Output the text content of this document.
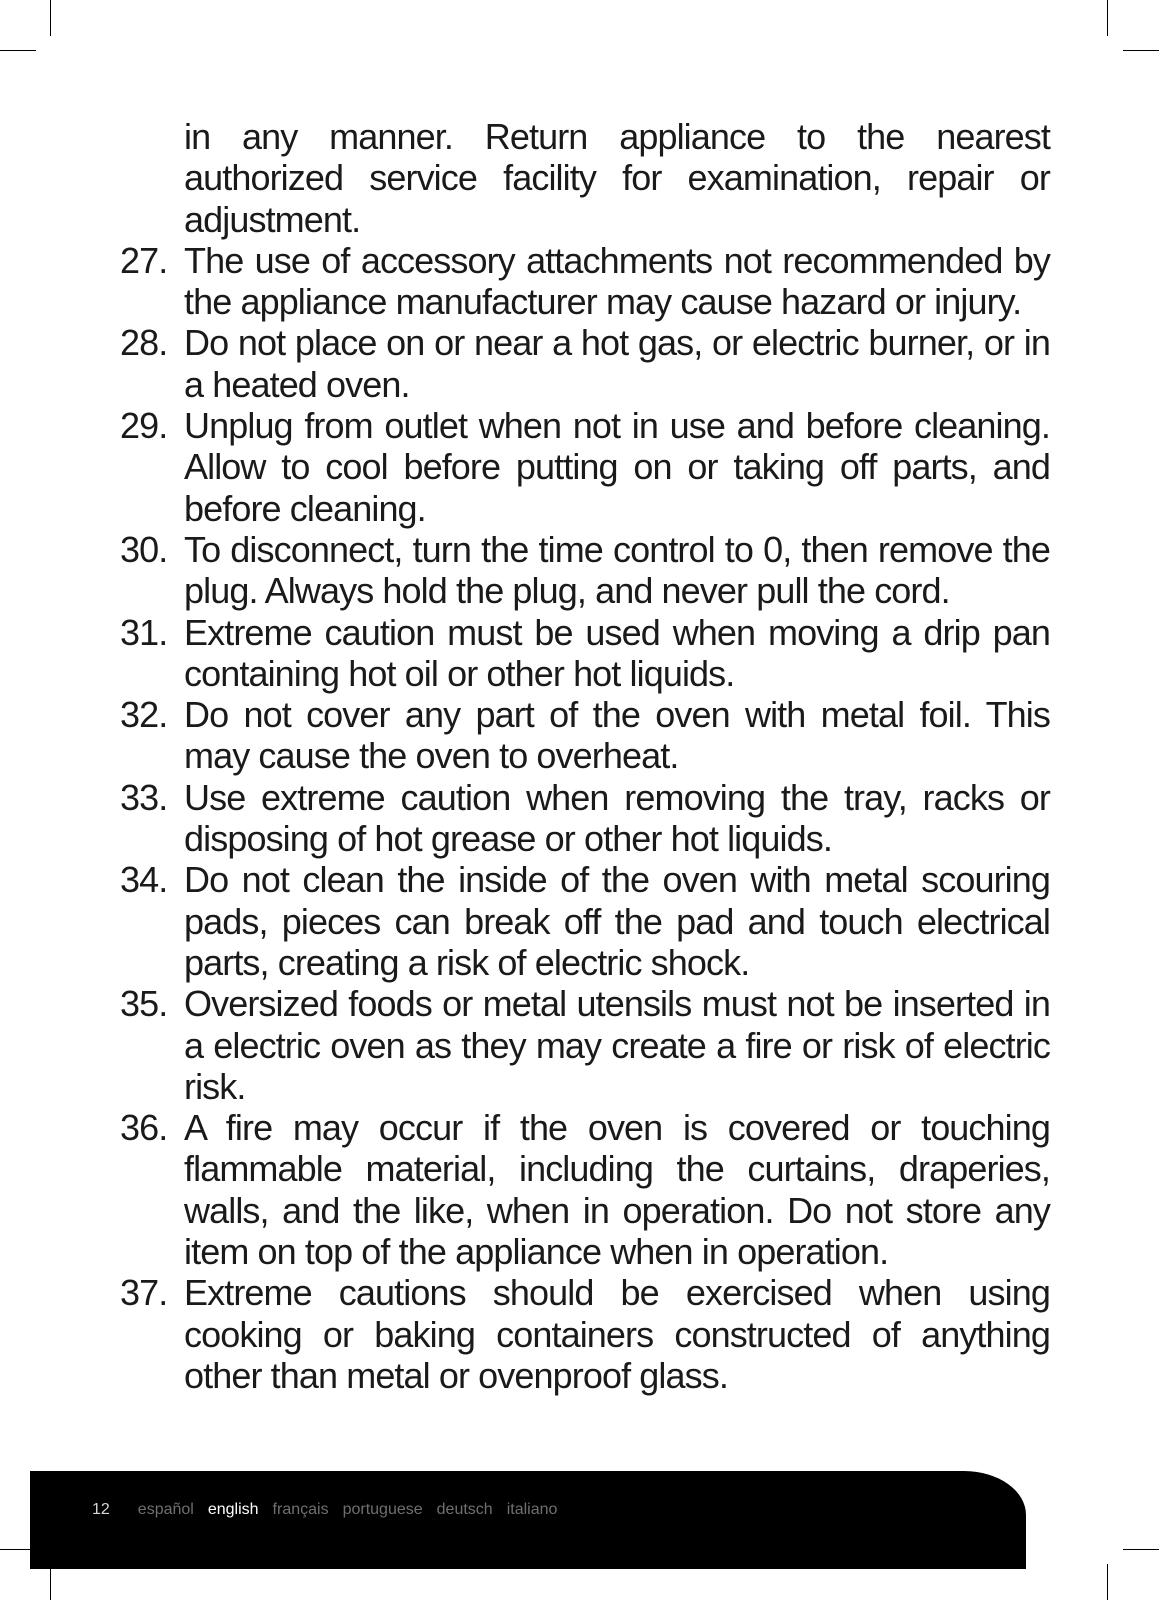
in any manner. Return appliance to the nearest authorized service facility for examination, repair or adjustment.

27. The use of accessory attachments not recommended by the appliance manufacturer may cause hazard or injury.
28. Do not place on or near a hot gas, or electric burner, or in a heated oven.
29. Unplug from outlet when not in use and before cleaning. Allow to cool before putting on or taking off parts, and before cleaning.
30. To disconnect, turn the time control to 0, then remove the plug. Always hold the plug, and never pull the cord.
31. Extreme caution must be used when moving a drip pan containing hot oil or other hot liquids.
32. Do not cover any part of the oven with metal foil. This may cause the oven to overheat.
33. Use extreme caution when removing the tray, racks or disposing of hot grease or other hot liquids.
34. Do not clean the inside of the oven with metal scouring pads, pieces can break off the pad and touch electrical parts, creating a risk of electric shock.
35. Oversized foods or metal utensils must not be inserted in a electric oven as they may create a fire or risk of electric risk.
36. A fire may occur if the oven is covered or touching flammable material, including the curtains, draperies, walls, and the like, when in operation. Do not store any item on top of the appliance when in operation.
37. Extreme cautions should be exercised when using cooking or baking containers constructed of anything other than metal or ovenproof glass.
12 español english français portuguese deutsch italiano
